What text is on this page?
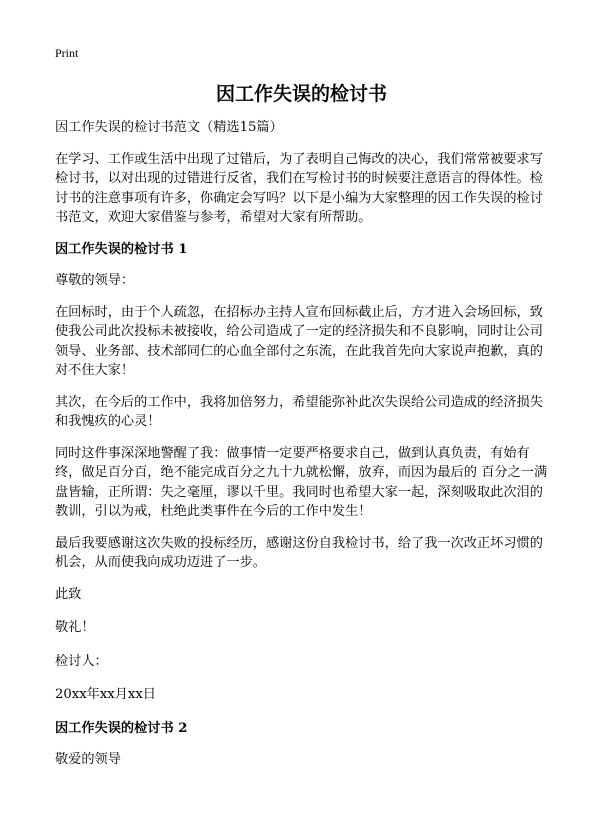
Print
因工作失误的检讨书

因工作失误的检讨书范文（精选15篇）

在学习、工作或生活中出现了过错后，为了表明自己悔改的决心，我们常常被要求写检讨书，以对出现的过错进行反省，我们在写检讨书的时候要注意语言的得体性。检讨书的注意事项有许多，你确定会写吗？以下是小编为大家整理的因工作失误的检讨书范文，欢迎大家借鉴与参考，希望对大家有所帮助。

因工作失误的检讨书 1

尊敬的领导：

在回标时，由于个人疏忽，在招标办主持人宣布回标截止后，方才进入会场回标，致使我公司此次投标未被接收，给公司造成了一定的经济损失和不良影响，同时让公司领导、业务部、技术部同仁的心血全部付之东流，在此我首先向大家说声抱歉，真的对不住大家！

其次，在今后的工作中，我将加倍努力，希望能弥补此次失误给公司造成的经济损失和我愧疚的心灵！

同时这件事深深地警醒了我：做事情一定要严格要求自己，做到认真负责，有始有终，做足百分百，绝不能完成百分之九十九就松懈，放弃，而因为最后的 百分之一满盘皆输，正所谓：失之毫厘，谬以千里。我同时也希望大家一起，深刻吸取此次泪的教训，引以为戒，杜绝此类事件在今后的工作中发生！

最后我要感谢这次失败的投标经历，感谢这份自我检讨书，给了我一次改正坏习惯的机会，从而使我向成功迈进了一步。

此致

敬礼！

检讨人：

20xx年xx月xx日

因工作失误的检讨书 2

敬爱的领导
